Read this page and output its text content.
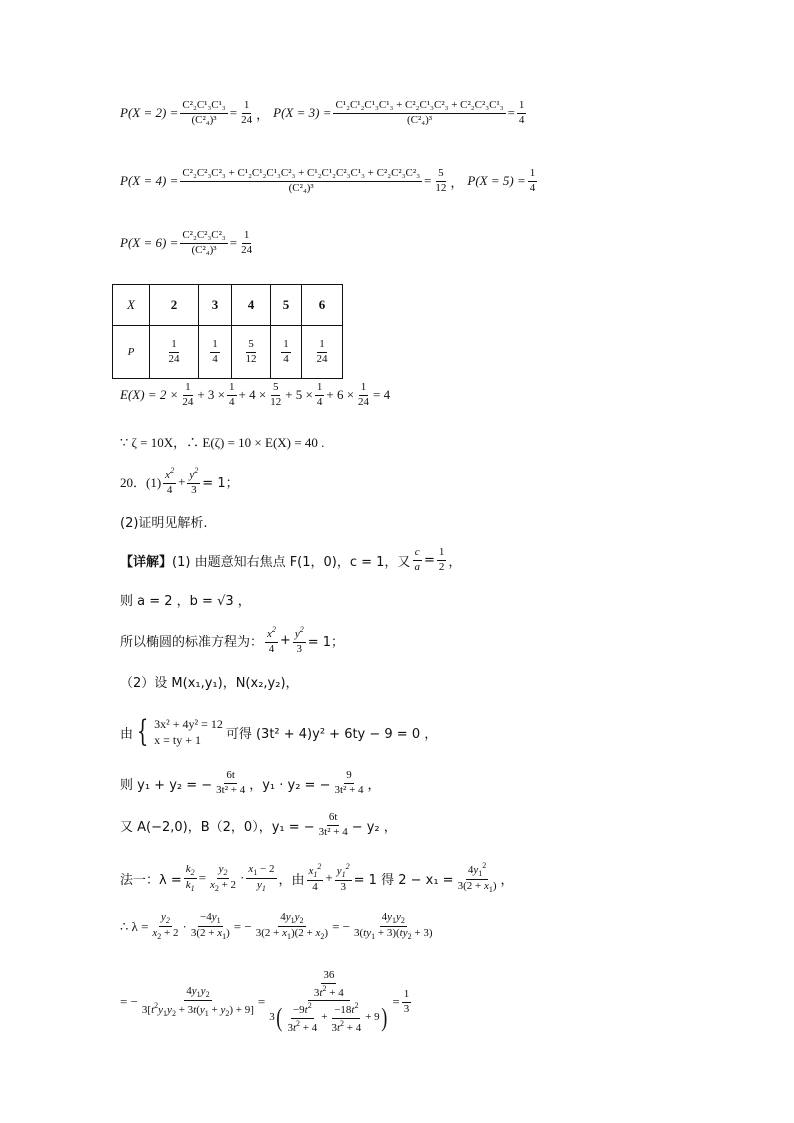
$P(X = 2) = \frac{\text{C²₂C¹₃C¹₃}}{\text{(C²₄)³}} = \frac{1}{24}$ ， $P(X = 3) = \frac{\text{C¹₂C¹₂C¹₃C¹₃ + C²₂C¹₃C²₃ + C²₂C²₃C¹₃}}{\text{(C²₄)³}} = \frac{1}{4}$
$P(X = 4) = \frac{\text{C²₂C²₃C²₃ + C¹₂C¹₂C¹₃C²₃ + C¹₂C¹₂C²₃C¹₃ + C²₂C²₃C²₃}}{\text{(C²₄)³}} = \frac{5}{12}$ ， $P(X = 5) = \frac{1}{4}$
$P(X = 6) = \frac{\text{C²₂C²₃C²₃}}{\text{(C²₄)³}} = \frac{1}{24}$
X	2	3	4	5	6
P	$\frac{1}{24}$	$\frac{1}{4}$	$\frac{5}{12}$	$\frac{1}{4}$	$\frac{1}{24}$
$E(X) = 2 \times \frac{1}{24} + 3 \times \frac{1}{4} + 4 \times \frac{5}{12} + 5 \times \frac{1}{4} + 6 \times \frac{1}{24} = 4$
∵ ζ = 10X，∴ E(ζ) = 10 × E(X) = 40 .
20．$(1) \frac{x^2}{4} + \frac{y^2}{3} = 1$；
(2)证明见解析.
【详解】 (1) 由题意知右焦点 F(1，0)，c = 1，又 $\frac{c}{a} = \frac{1}{2}$ ，
则 a = 2 ，b = √3 ，
所以椭圆的标准方程为： $\frac{x^2}{4} + \frac{y^2}{3} = 1$；
（2）设 M(x₁,y₁)，N(x₂,y₂)，
由 { 3x² + 4y² = 12
x = ty + 1	可得 (3t² + 4)y² + 6ty − 9 = 0 ，
则 y₁ + y₂ = − $\frac{6t}{\text{3t² + 4}}$ ，y₁ · y₂ = − $\frac{9}{\text{3t² + 4}}$ ，
又 A(−2,0)，B（2，0），y₁ = − $\frac{6t}{\text{3t² + 4}} - y_2$ ，
法一：$\lambda = \frac{k_2}{k_1} = \frac{y_2}{x_2 + 2} \cdot \frac{x_1 - 2}{y_1}$ ，由 $\frac{x_1^2}{4} + \frac{y_1^2}{3} = 1$ 得 $2 - x_1 = \frac{4y_1^2}{3(2 + x_1)}$ ，
∴ $\lambda = \frac{y_2}{x_2 + 2} \cdot \frac{-4y_1}{3(2 + x_1)}$ = − $\frac{4y_1y_2}{3(2 + x_1)(2 + x_2)}$ = − $\frac{4y_1y_2}{3(ty_1 + 3)(ty_2 + 3)}$
= − $\frac{4y_1y_2}{3[t^2y_1y_2 + 3t(y_1 + y_2) + 9]} = \frac{\frac{36}{3t^2 + 4}}{3 ( \frac{-9t^2}{3t^2 + 4} + \frac{-18t^2}{3t^2 + 4} + 9 )} = \frac{1}{3}$
